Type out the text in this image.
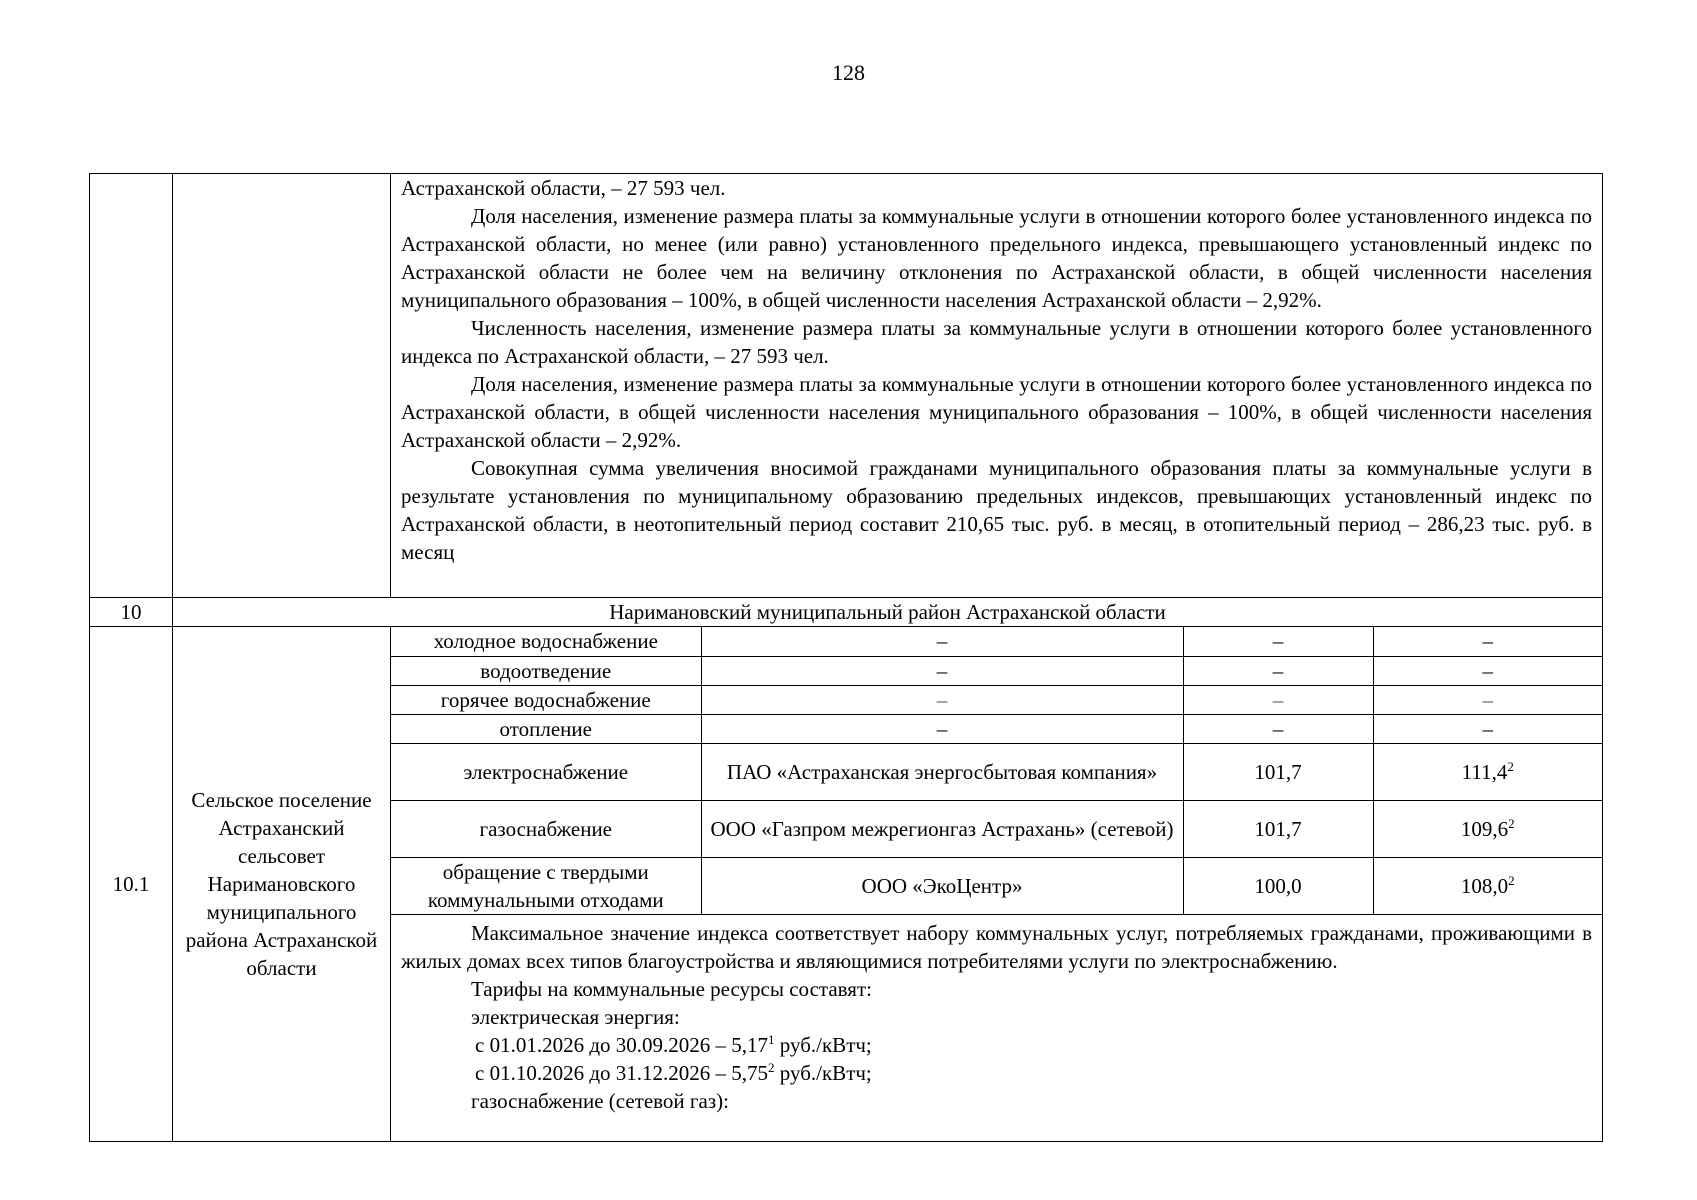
128

Астраханской области, – 27 593 чел.

Доля населения, изменение размера платы за коммунальные услуги в отношении которого более установленного индекса по Астраханской области, но менее (или равно) установленного предельного индекса, превышающего установленный индекс по Астраханской области не более чем на величину отклонения по Астраханской области, в общей численности населения муниципального образования – 100%, в общей численности населения Астраханской области – 2,92%.

Численность населения, изменение размера платы за коммунальные услуги в отношении которого более установленного индекса по Астраханской области, – 27 593 чел.

Доля населения, изменение размера платы за коммунальные услуги в отношении которого более установленного индекса по Астраханской области, в общей численности населения муниципального образования – 100%, в общей численности населения Астраханской области – 2,92%.

Совокупная сумма увеличения вносимой гражданами муниципального образования платы за коммунальные услуги в результате установления по муниципальному образованию предельных индексов, превышающих установленный индекс по Астраханской области, в неотопительный период составит 210,65 тыс. руб. в месяц, в отопительный период – 286,23 тыс. руб. в месяц

10	Наримановский муниципальный район Астраханской области
10.1	Сельское поселение Астраханский сельсовет Наримановского муниципального района Астраханской области	
холодное водоснабжение	–	–	–
водоотведение	–	–	–
горячее водоснабжение	–	–	–
отопление	–	–	–
электроснабжение	ПАО «Астраханская энергосбытовая компания»	101,7	111,4$^2$
газоснабжение	ООО «Газпром межрегионгаз Астрахань» (сетевой)	101,7	109,6$^2$
обращение с твердыми коммунальными отходами	ООО «ЭкоЦентр»	100,0	108,0$^2$

Максимальное значение индекса соответствует набору коммунальных услуг, потребляемых гражданами, проживающими в жилых домах всех типов благоустройства и являющимися потребителями услуги по электроснабжению.

Тарифы на коммунальные ресурсы составят:

электрическая энергия:

с 01.01.2026 до 30.09.2026 – 5,17$^1$ руб./кВтч;

с 01.10.2026 до 31.12.2026 – 5,75$^2$ руб./кВтч;

газоснабжение (сетевой газ):
